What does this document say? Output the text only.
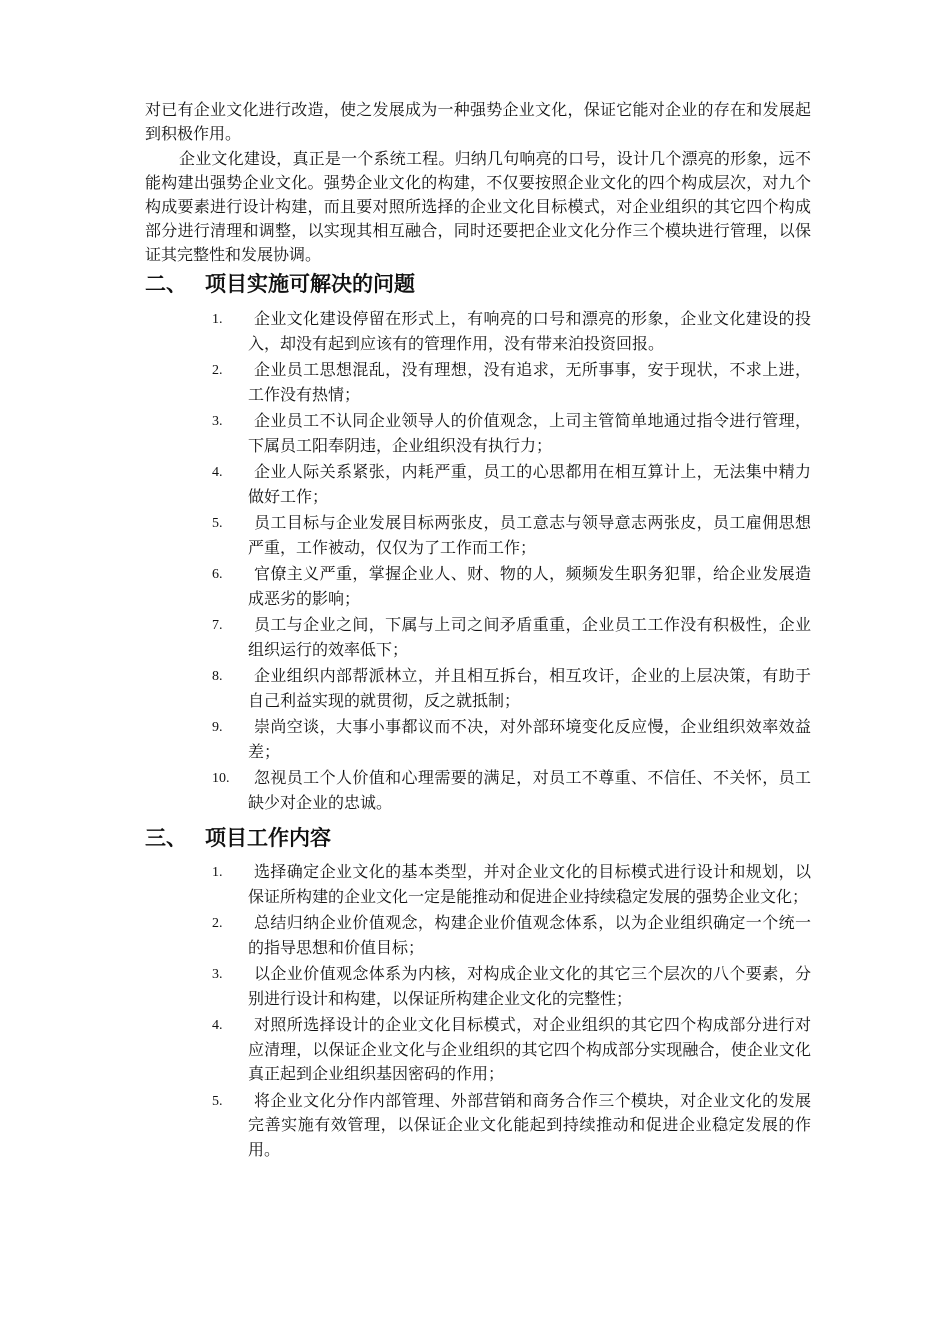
对已有企业文化进行改造，使之发展成为一种强势企业文化，保证它能对企业的存在和发展起到积极作用。

企业文化建设，真正是一个系统工程。归纳几句响亮的口号，设计几个漂亮的形象，远不能构建出强势企业文化。强势企业文化的构建，不仅要按照企业文化的四个构成层次，对九个构成要素进行设计构建，而且要对照所选择的企业文化目标模式，对企业组织的其它四个构成部分进行清理和调整，以实现其相互融合，同时还要把企业文化分作三个模块进行管理，以保证其完整性和发展协调。

二、 项目实施可解决的问题
1.	企业文化建设停留在形式上，有响亮的口号和漂亮的形象，企业文化建设的投入，却没有起到应该有的管理作用，没有带来泊投资回报。
2.	企业员工思想混乱，没有理想，没有追求，无所事事，安于现状，不求上进，工作没有热情；
3.	企业员工不认同企业领导人的价值观念，上司主管简单地通过指令进行管理，下属员工阳奉阴违，企业组织没有执行力；
4.	企业人际关系紧张，内耗严重，员工的心思都用在相互算计上，无法集中精力做好工作；
5.	员工目标与企业发展目标两张皮，员工意志与领导意志两张皮，员工雇佣思想严重，工作被动，仅仅为了工作而工作；
6.	官僚主义严重，掌握企业人、财、物的人，频频发生职务犯罪，给企业发展造成恶劣的影响；
7.	员工与企业之间，下属与上司之间矛盾重重，企业员工工作没有积极性，企业组织运行的效率低下；
8.	企业组织内部帮派林立，并且相互拆台，相互攻讦，企业的上层决策，有助于自己利益实现的就贯彻，反之就抵制；
9.	崇尚空谈，大事小事都议而不决，对外部环境变化反应慢，企业组织效率效益差；
10.	忽视员工个人价值和心理需要的满足，对员工不尊重、不信任、不关怀，员工缺少对企业的忠诚。
三、 项目工作内容
1.	选择确定企业文化的基本类型，并对企业文化的目标模式进行设计和规划，以保证所构建的企业文化一定是能推动和促进企业持续稳定发展的强势企业文化；
2.	总结归纳企业价值观念，构建企业价值观念体系，以为企业组织确定一个统一的指导思想和价值目标；
3.	以企业价值观念体系为内核，对构成企业文化的其它三个层次的八个要素，分别进行设计和构建，以保证所构建企业文化的完整性；
4.	对照所选择设计的企业文化目标模式，对企业组织的其它四个构成部分进行对应清理，以保证企业文化与企业组织的其它四个构成部分实现融合，使企业文化真正起到企业组织基因密码的作用；
5.	将企业文化分作内部管理、外部营销和商务合作三个模块，对企业文化的发展完善实施有效管理，以保证企业文化能起到持续推动和促进企业稳定发展的作用。
